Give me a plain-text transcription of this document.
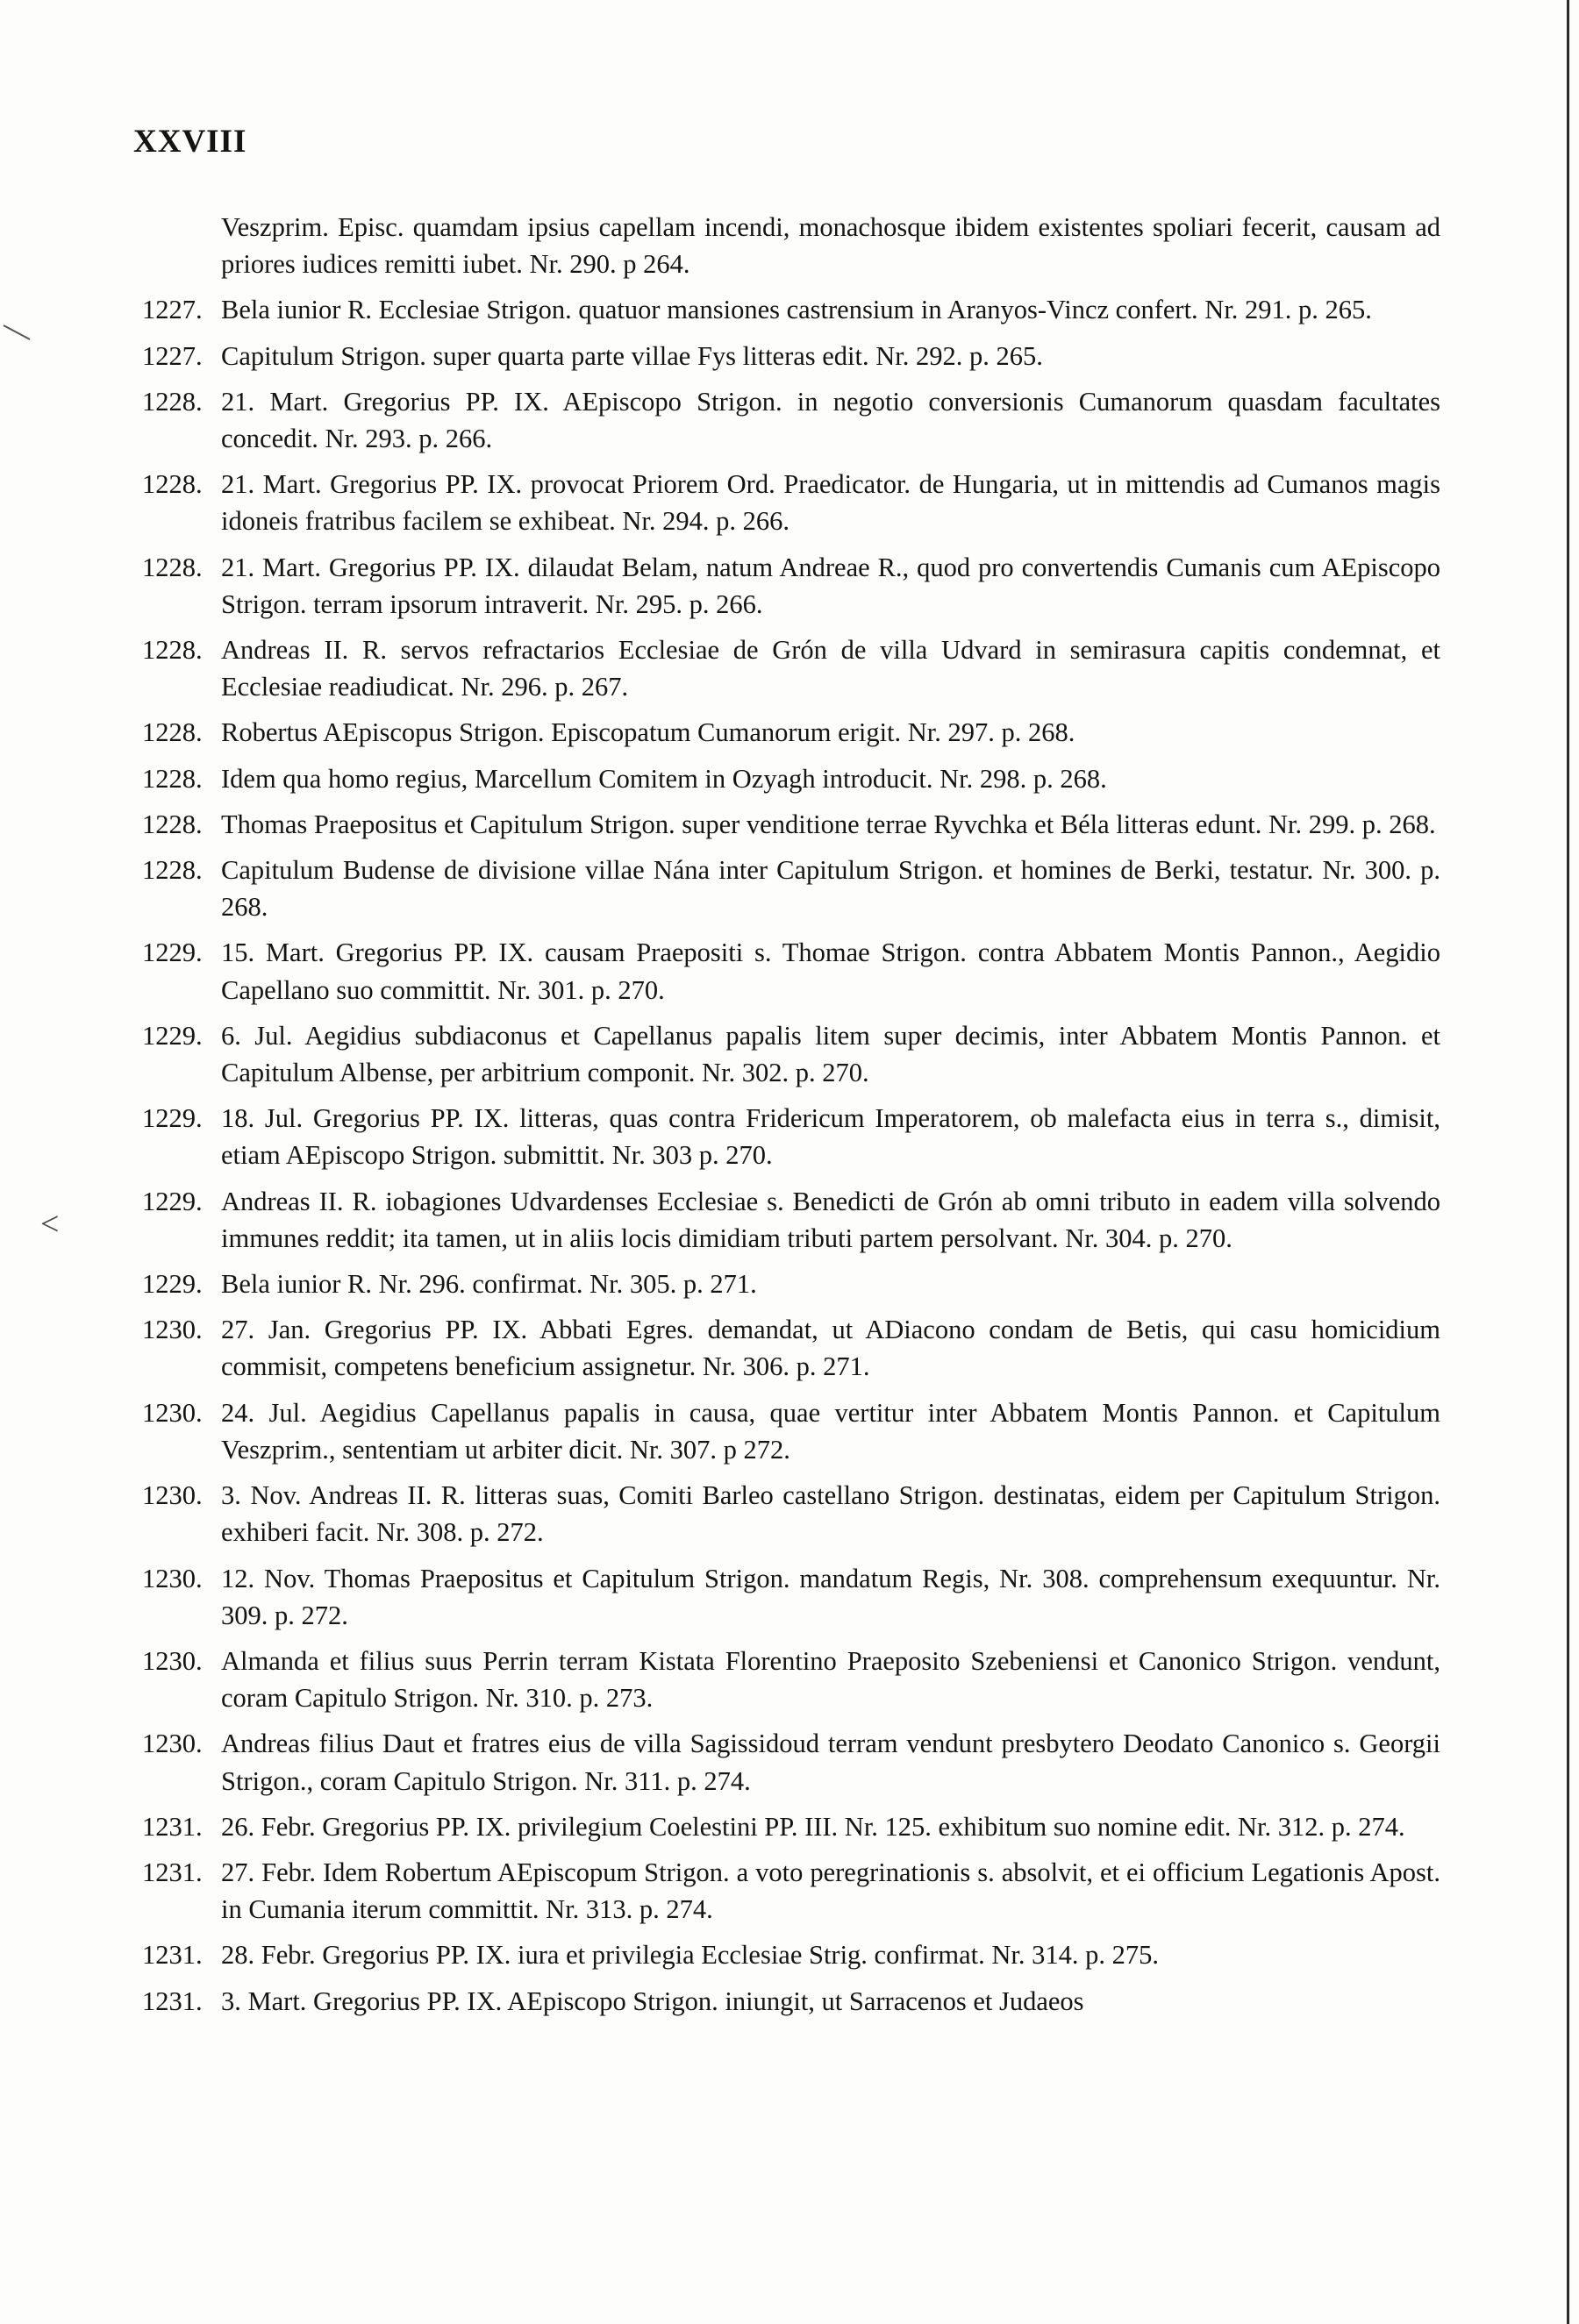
<
XXVIII
Veszprim. Episc. quamdam ipsius capellam incendi, monachosque ibidem existentes spoliari fecerit, causam ad priores iudices remitti iubet. Nr. 290. p 264.
1227. Bela iunior R. Ecclesiae Strigon. quatuor mansiones castrensium in Aranyos-Vincz confert. Nr. 291. p. 265.
1227. Capitulum Strigon. super quarta parte villae Fys litteras edit. Nr. 292. p. 265.
1228. 21. Mart. Gregorius PP. IX. AEpiscopo Strigon. in negotio conversionis Cumanorum quasdam facultates concedit. Nr. 293. p. 266.
1228. 21. Mart. Gregorius PP. IX. provocat Priorem Ord. Praedicator. de Hungaria, ut in mittendis ad Cumanos magis idoneis fratribus facilem se exhibeat. Nr. 294. p. 266.
1228. 21. Mart. Gregorius PP. IX. dilaudat Belam, natum Andreae R., quod pro convertendis Cumanis cum AEpiscopo Strigon. terram ipsorum intraverit. Nr. 295. p. 266.
1228. Andreas II. R. servos refractarios Ecclesiae de Grón de villa Udvard in semirasura capitis condemnat, et Ecclesiae readiudicat. Nr. 296. p. 267.
1228. Robertus AEpiscopus Strigon. Episcopatum Cumanorum erigit. Nr. 297. p. 268.
1228. Idem qua homo regius, Marcellum Comitem in Ozyagh introducit. Nr. 298. p. 268.
1228. Thomas Praepositus et Capitulum Strigon. super venditione terrae Ryvchka et Béla litteras edunt. Nr. 299. p. 268.
1228. Capitulum Budense de divisione villae Nána inter Capitulum Strigon. et homines de Berki, testatur. Nr. 300. p. 268.
1229. 15. Mart. Gregorius PP. IX. causam Praepositi s. Thomae Strigon. contra Abbatem Montis Pannon., Aegidio Capellano suo committit. Nr. 301. p. 270.
1229. 6. Jul. Aegidius subdiaconus et Capellanus papalis litem super decimis, inter Abbatem Montis Pannon. et Capitulum Albense, per arbitrium componit. Nr. 302. p. 270.
1229. 18. Jul. Gregorius PP. IX. litteras, quas contra Fridericum Imperatorem, ob malefacta eius in terra s., dimisit, etiam AEpiscopo Strigon. submittit. Nr. 303 p. 270.
1229. Andreas II. R. iobagiones Udvardenses Ecclesiae s. Benedicti de Grón ab omni tributo in eadem villa solvendo immunes reddit; ita tamen, ut in aliis locis dimidiam tributi partem persolvant. Nr. 304. p. 270.
1229. Bela iunior R. Nr. 296. confirmat. Nr. 305. p. 271.
1230. 27. Jan. Gregorius PP. IX. Abbati Egres. demandat, ut ADiacono condam de Betis, qui casu homicidium commisit, competens beneficium assignetur. Nr. 306. p. 271.
1230. 24. Jul. Aegidius Capellanus papalis in causa, quae vertitur inter Abbatem Montis Pannon. et Capitulum Veszprim., sententiam ut arbiter dicit. Nr. 307. p 272.
1230. 3. Nov. Andreas II. R. litteras suas, Comiti Barleo castellano Strigon. destinatas, eidem per Capitulum Strigon. exhiberi facit. Nr. 308. p. 272.
1230. 12. Nov. Thomas Praepositus et Capitulum Strigon. mandatum Regis, Nr. 308. comprehensum exequuntur. Nr. 309. p. 272.
1230. Almanda et filius suus Perrin terram Kistata Florentino Praeposito Szebeniensi et Canonico Strigon. vendunt, coram Capitulo Strigon. Nr. 310. p. 273.
1230. Andreas filius Daut et fratres eius de villa Sagissidoud terram vendunt presbytero Deodato Canonico s. Georgii Strigon., coram Capitulo Strigon. Nr. 311. p. 274.
1231. 26. Febr. Gregorius PP. IX. privilegium Coelestini PP. III. Nr. 125. exhibitum suo nomine edit. Nr. 312. p. 274.
1231. 27. Febr. Idem Robertum AEpiscopum Strigon. a voto peregrinationis s. absolvit, et ei officium Legationis Apost. in Cumania iterum committit. Nr. 313. p. 274.
1231. 28. Febr. Gregorius PP. IX. iura et privilegia Ecclesiae Strig. confirmat. Nr. 314. p. 275.
1231. 3. Mart. Gregorius PP. IX. AEpiscopo Strigon. iniungit, ut Sarracenos et Judaeos
